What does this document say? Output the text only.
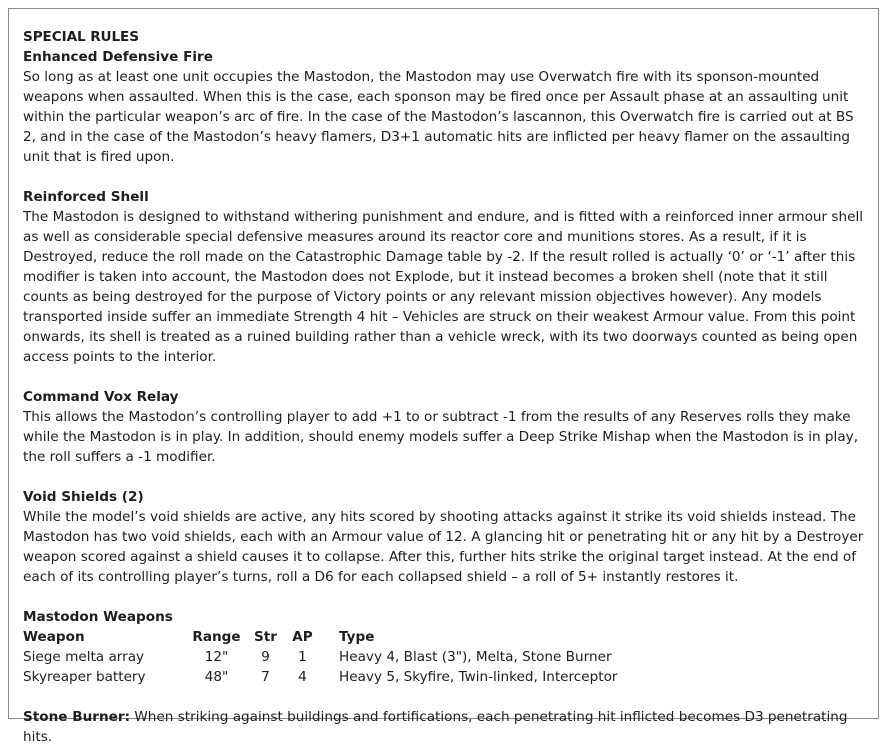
SPECIAL RULES

Enhanced Defensive Fire

So long as at least one unit occupies the Mastodon, the Mastodon may use Overwatch fire with its sponson-mounted weapons when assaulted. When this is the case, each sponson may be fired once per Assault phase at an assaulting unit within the particular weapon’s arc of fire. In the case of the Mastodon’s lascannon, this Overwatch fire is carried out at BS 2, and in the case of the Mastodon’s heavy flamers, D3+1 automatic hits are inflicted per heavy flamer on the assaulting unit that is fired upon.

Reinforced Shell

The Mastodon is designed to withstand withering punishment and endure, and is fitted with a reinforced inner armour shell as well as considerable special defensive measures around its reactor core and munitions stores. As a result, if it is Destroyed, reduce the roll made on the Catastrophic Damage table by -2. If the result rolled is actually ‘0’ or ‘-1’ after this modifier is taken into account, the Mastodon does not Explode, but it instead becomes a broken shell (note that it still counts as being destroyed for the purpose of Victory points or any relevant mission objectives however). Any models transported inside suffer an immediate Strength 4 hit – Vehicles are struck on their weakest Armour value. From this point onwards, its shell is treated as a ruined building rather than a vehicle wreck, with its two doorways counted as being open access points to the interior.

Command Vox Relay

This allows the Mastodon’s controlling player to add +1 to or subtract -1 from the results of any Reserves rolls they make while the Mastodon is in play. In addition, should enemy models suffer a Deep Strike Mishap when the Mastodon is in play, the roll suffers a -1 modifier.

Void Shields (2)

While the model’s void shields are active, any hits scored by shooting attacks against it strike its void shields instead. The Mastodon has two void shields, each with an Armour value of 12. A glancing hit or penetrating hit or any hit by a Destroyer weapon scored against a shield causes it to collapse. After this, further hits strike the original target instead. At the end of each of its controlling player’s turns, roll a D6 for each collapsed shield – a roll of 5+ instantly restores it.

Mastodon Weapons

Weapon	Range	Str	AP	Type
Siege melta array	12"	9	1	Heavy 4, Blast (3"), Melta, Stone Burner
Skyreaper battery	48"	7	4	Heavy 5, Skyfire, Twin-linked, Interceptor

Stone Burner: When striking against buildings and fortifications, each penetrating hit inflicted becomes D3 penetrating hits.
